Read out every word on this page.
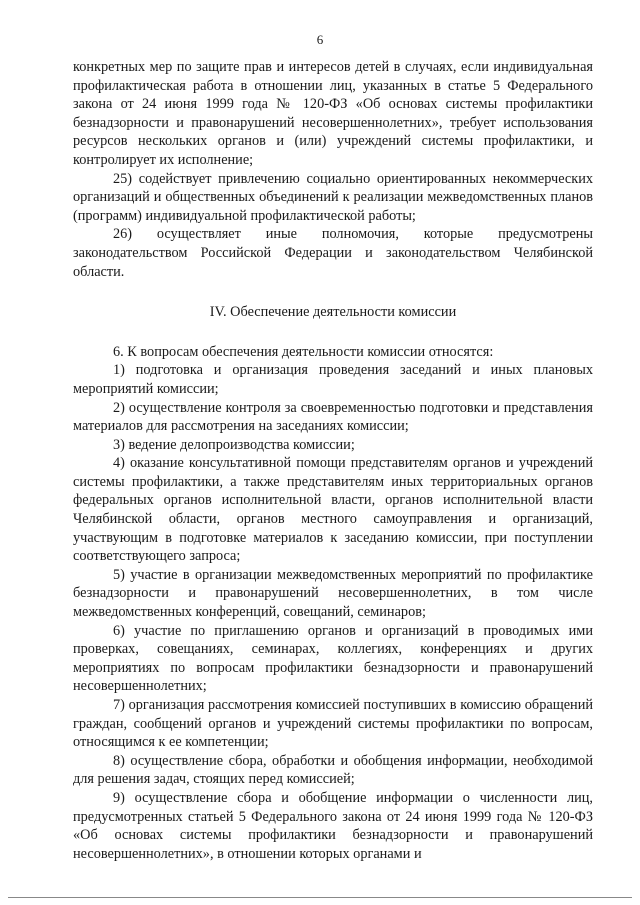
6

конкретных мер по защите прав и интересов детей в случаях, если индивидуальная профилактическая работа в отношении лиц, указанных в статье 5 Федерального закона от 24 июня 1999 года № 120-ФЗ «Об основах системы профилактики безнадзорности и правонарушений несовершеннолетних», требует использования ресурсов нескольких органов и (или) учреждений системы профилактики, и контролирует их исполнение;

25) содействует привлечению социально ориентированных некоммерческих организаций и общественных объединений к реализации межведомственных планов (программ) индивидуальной профилактической работы;

26) осуществляет иные полномочия, которые предусмотрены законодательством Российской Федерации и законодательством Челябинской области.

IV. Обеспечение деятельности комиссии

6. К вопросам обеспечения деятельности комиссии относятся:

1) подготовка и организация проведения заседаний и иных плановых мероприятий комиссии;

2) осуществление контроля за своевременностью подготовки и представления материалов для рассмотрения на заседаниях комиссии;

3) ведение делопроизводства комиссии;

4) оказание консультативной помощи представителям органов и учреждений системы профилактики, а также представителям иных территориальных органов федеральных органов исполнительной власти, органов исполнительной власти Челябинской области, органов местного самоуправления и организаций, участвующим в подготовке материалов к заседанию комиссии, при поступлении соответствующего запроса;

5) участие в организации межведомственных мероприятий по профилактике безнадзорности и правонарушений несовершеннолетних, в том числе межведомственных конференций, совещаний, семинаров;

6) участие по приглашению органов и организаций в проводимых ими проверках, совещаниях, семинарах, коллегиях, конференциях и других мероприятиях по вопросам профилактики безнадзорности и правонарушений несовершеннолетних;

7) организация рассмотрения комиссией поступивших в комиссию обращений граждан, сообщений органов и учреждений системы профилактики по вопросам, относящимся к ее компетенции;

8) осуществление сбора, обработки и обобщения информации, необходимой для решения задач, стоящих перед комиссией;

9) осуществление сбора и обобщение информации о численности лиц, предусмотренных статьей 5 Федерального закона от 24 июня 1999 года № 120-ФЗ «Об основах системы профилактики безнадзорности и правонарушений несовершеннолетних», в отношении которых органами и
